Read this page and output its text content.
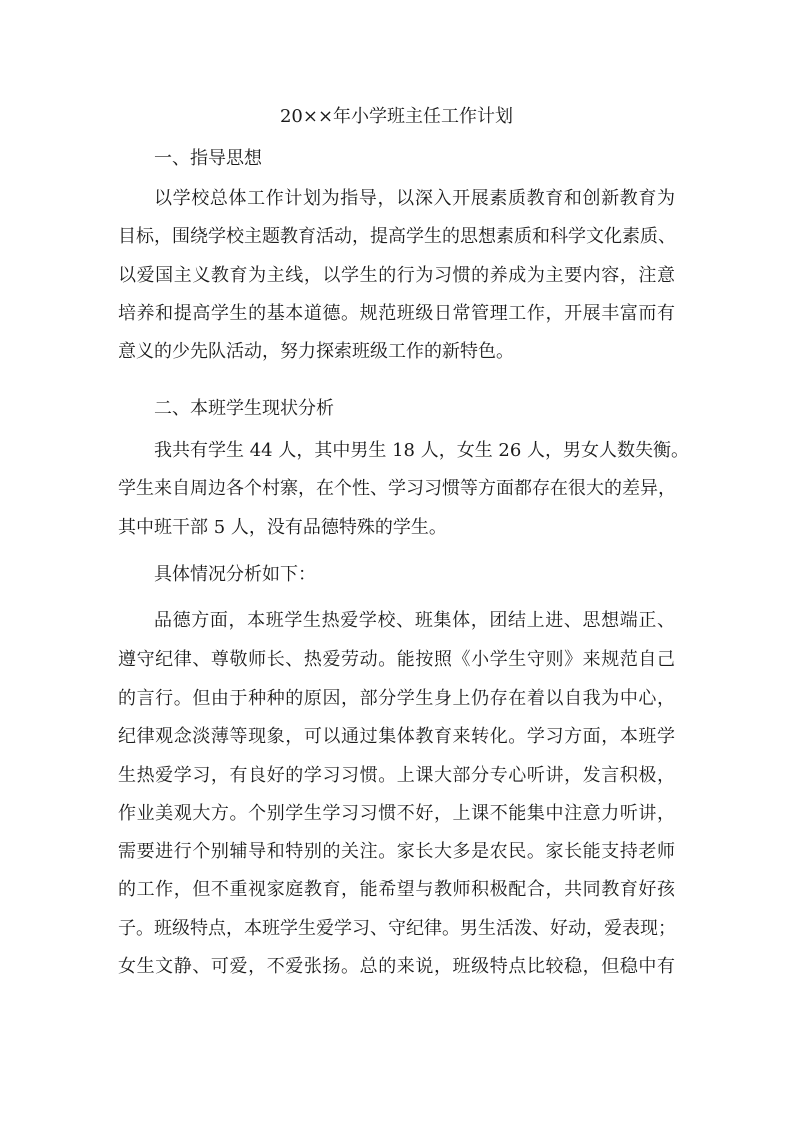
20××年小学班主任工作计划
一、指导思想
以学校总体工作计划为指导，以深入开展素质教育和创新教育为
目标，围绕学校主题教育活动，提高学生的思想素质和科学文化素质、
以爱国主义教育为主线，以学生的行为习惯的养成为主要内容，注意
培养和提高学生的基本道德。规范班级日常管理工作，开展丰富而有
意义的少先队活动，努力探索班级工作的新特色。
二、本班学生现状分析
我共有学生 44 人，其中男生 18 人，女生 26 人，男女人数失衡。
学生来自周边各个村寨，在个性、学习习惯等方面都存在很大的差异，
其中班干部 5 人，没有品德特殊的学生。
具体情况分析如下：
品德方面，本班学生热爱学校、班集体，团结上进、思想端正、
遵守纪律、尊敬师长、热爱劳动。能按照《小学生守则》来规范自己
的言行。但由于种种的原因，部分学生身上仍存在着以自我为中心，
纪律观念淡薄等现象，可以通过集体教育来转化。学习方面，本班学
生热爱学习，有良好的学习习惯。上课大部分专心听讲，发言积极，
作业美观大方。个别学生学习习惯不好，上课不能集中注意力听讲，
需要进行个别辅导和特别的关注。家长大多是农民。家长能支持老师
的工作，但不重视家庭教育，能希望与教师积极配合，共同教育好孩
子。班级特点，本班学生爱学习、守纪律。男生活泼、好动，爱表现；
女生文静、可爱，不爱张扬。总的来说，班级特点比较稳，但稳中有
